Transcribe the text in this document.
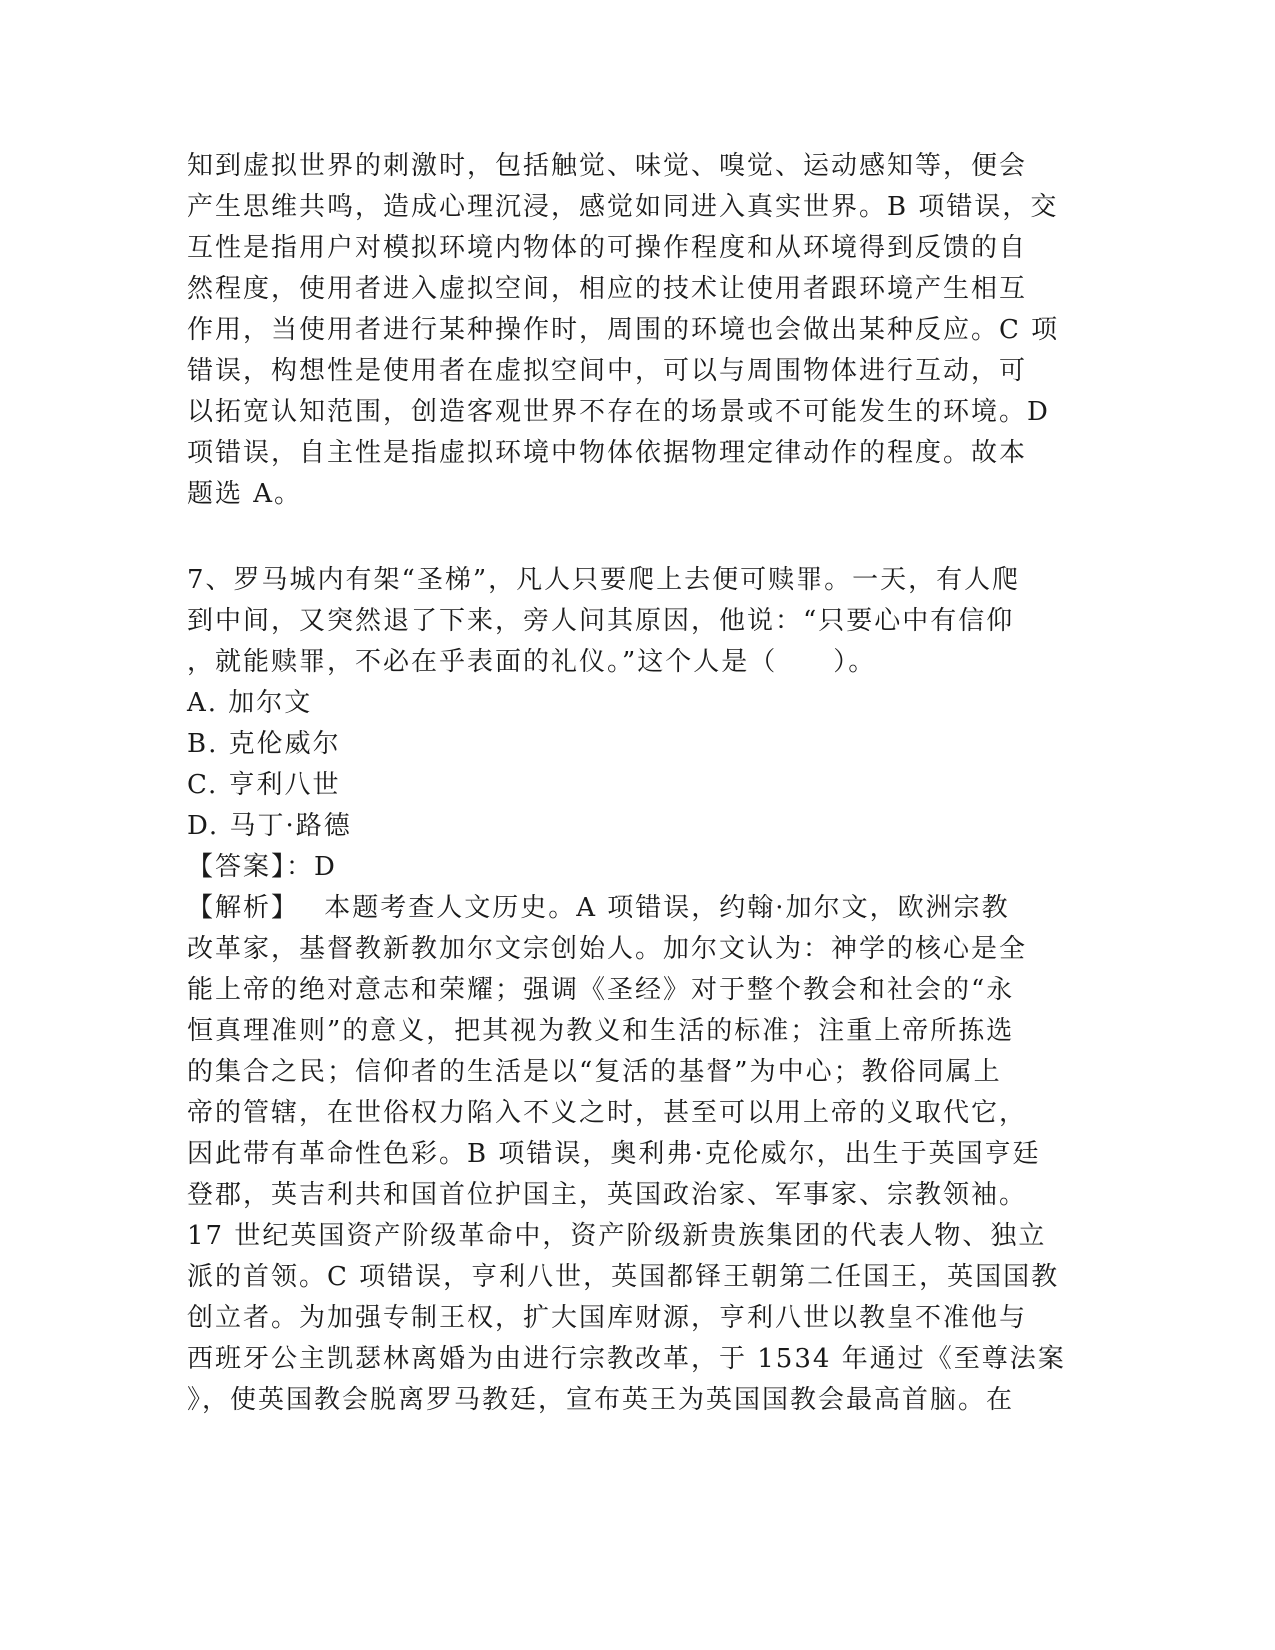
知到虚拟世界的刺激时，包括触觉、味觉、嗅觉、运动感知等，便会
产生思维共鸣，造成心理沉浸，感觉如同进入真实世界。B 项错误，交
互性是指用户对模拟环境内物体的可操作程度和从环境得到反馈的自
然程度，使用者进入虚拟空间，相应的技术让使用者跟环境产生相互
作用，当使用者进行某种操作时，周围的环境也会做出某种反应。C 项
错误，构想性是使用者在虚拟空间中，可以与周围物体进行互动，可
以拓宽认知范围，创造客观世界不存在的场景或不可能发生的环境。D
项错误，自主性是指虚拟环境中物体依据物理定律动作的程度。故本
题选 A。
7、罗马城内有架“圣梯”，凡人只要爬上去便可赎罪。一天，有人爬
到中间，又突然退了下来，旁人问其原因，他说：“只要心中有信仰
，就能赎罪，不必在乎表面的礼仪。”这个人是（　　）。
A. 加尔文
B. 克伦威尔
C. 亨利八世
D. 马丁·路德
【答案】：D
【解析】　 本题考查人文历史。A 项错误，约翰·加尔文，欧洲宗教
改革家，基督教新教加尔文宗创始人。加尔文认为：神学的核心是全
能上帝的绝对意志和荣耀；强调《圣经》对于整个教会和社会的“永
恒真理准则”的意义，把其视为教义和生活的标准；注重上帝所拣选
的集合之民；信仰者的生活是以“复活的基督”为中心；教俗同属上
帝的管辖，在世俗权力陷入不义之时，甚至可以用上帝的义取代它，
因此带有革命性色彩。B 项错误，奥利弗·克伦威尔，出生于英国亨廷
登郡，英吉利共和国首位护国主，英国政治家、军事家、宗教领袖。
17 世纪英国资产阶级革命中，资产阶级新贵族集团的代表人物、独立
派的首领。C 项错误，亨利八世，英国都铎王朝第二任国王，英国国教
创立者。为加强专制王权，扩大国库财源，亨利八世以教皇不准他与
西班牙公主凯瑟林离婚为由进行宗教改革，于 1534 年通过《至尊法案
》，使英国教会脱离罗马教廷，宣布英王为英国国教会最高首脑。在
